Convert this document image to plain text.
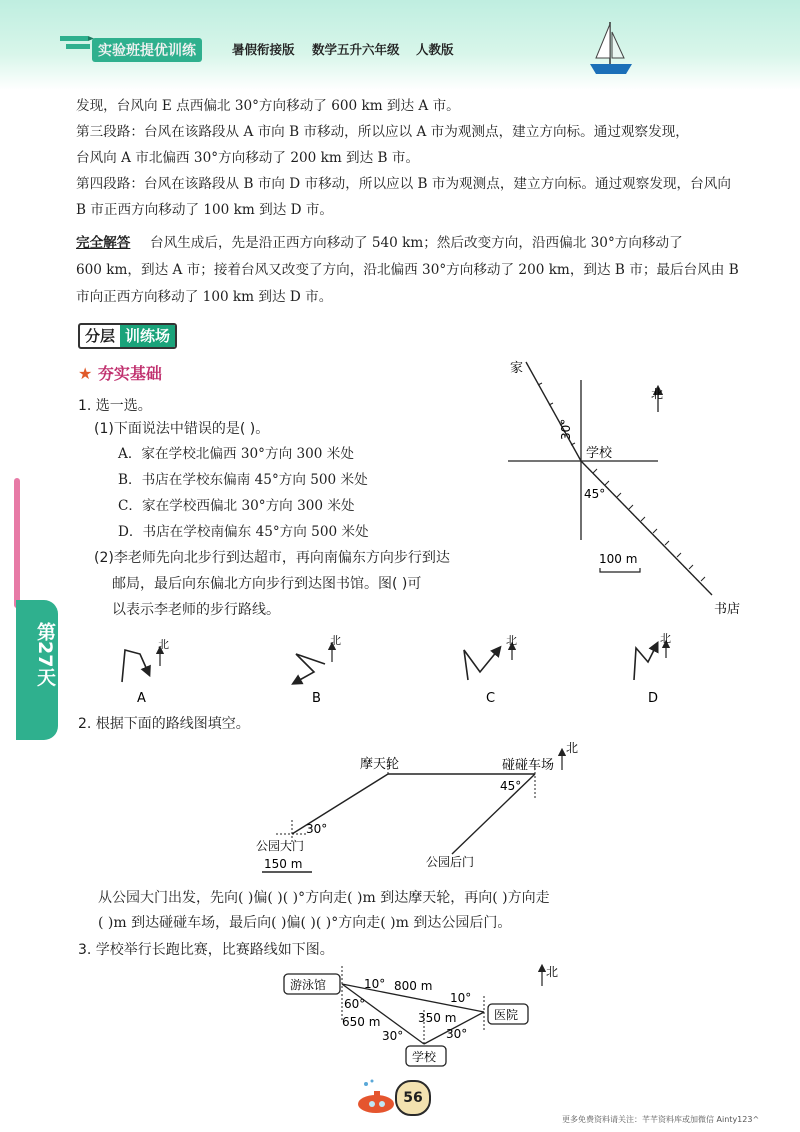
实验班提优训练	暑假衔接版 数学五升六年级 人教版
发现，台风向 E 点西偏北 30°方向移动了 600 km 到达 A 市。
第三段路：台风在该路段从 A 市向 B 市移动，所以应以 A 市为观测点，建立方向标。通过观察发现，
台风向 A 市北偏西 30°方向移动了 200 km 到达 B 市。
第四段路：台风在该路段从 B 市向 D 市移动，所以应以 B 市为观测点，建立方向标。通过观察发现，台风向
B 市正西方向移动了 100 km 到达 D 市。
完全解答 台风生成后，先是沿正西方向移动了 540 km；然后改变方向，沿西偏北 30°方向移动了
600 km，到达 A 市；接着台风又改变了方向，沿北偏西 30°方向移动了 200 km，到达 B 市；最后台风由 B
市向正西方向移动了 100 km 到达 D 市。
分层 训练场
★ 夯实基础
第27天
1. 选一选。
(1)下面说法中错误的是( )。
A．家在学校北偏西 30°方向 300 米处
B．书店在学校东偏南 45°方向 500 米处
C．家在学校西偏北 30°方向 300 米处
D．书店在学校南偏东 45°方向 500 米处
(2)李老师先向北步行到达超市，再向南偏东方向步行到达
邮局，最后向东偏北方向步行到达图书馆。图( )可
以表示李老师的步行路线。
家
学校
书店
30°
45°
北
100 m
北
A
北
B
北
C
北
D
2. 根据下面的路线图填空。
摩天轮	碰碰车场
45°
30°
公园大门
公园后门
150 m
北
从公园大门出发，先向( )偏( )( )°方向走( )m 到达摩天轮，再向( )方向走
( )m 到达碰碰车场，最后向( )偏( )( )°方向走( )m 到达公园后门。
3. 学校举行长跑比赛，比赛路线如下图。
游泳馆
医院
学校
10° 800 m
10°
60°
650 m	350 m
30°	30°
北
56
更多免费资料请关注：芊芊资料库或加微信 Ainty123^
